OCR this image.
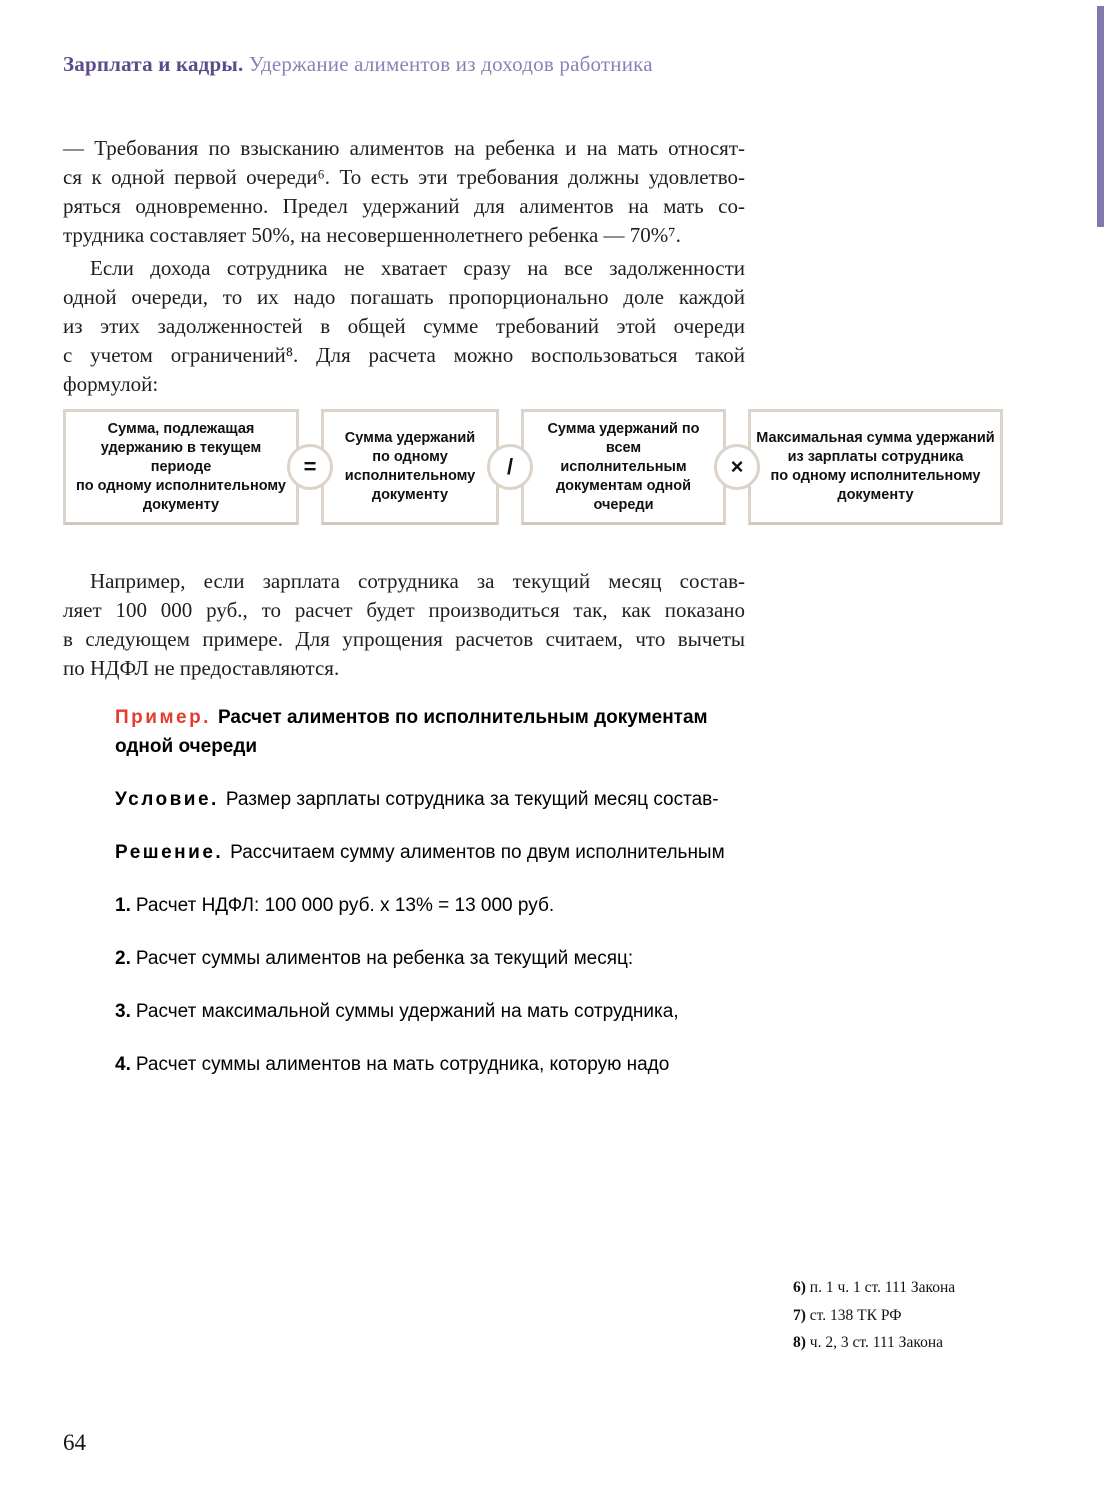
Зарплата и кадры. Удержание алиментов из доходов работника
— Требования по взысканию алиментов на ребенка и на мать относят-
ся к одной первой очереди⁶. То есть эти требования должны удовлетво-
ряться одновременно. Предел удержаний для алиментов на мать со-
трудника составляет 50%, на несовершеннолетнего ребенка — 70%⁷.
Если дохода сотрудника не хватает сразу на все задолженности
одной очереди, то их надо погашать пропорционально доле каждой
из этих задолженностей в общей сумме требований этой очереди
с учетом ограничений⁸. Для расчета можно воспользоваться такой
формулой:
Сумма, подлежащая
удержанию в текущем периоде
по одному исполнительному
документу
=
Сумма удержаний
по одному
исполнительному
документу
/
Сумма удержаний по всем
исполнительным
документам одной
очереди
×
Максимальная сумма удержаний
из зарплаты сотрудника
по одному исполнительному
документу
Например, если зарплата сотрудника за текущий месяц состав-
ляет 100 000 руб., то расчет будет производиться так, как показано
в следующем примере. Для упрощения расчетов считаем, что вычеты
по НДФЛ не предоставляются.
Пример. Расчет алиментов по исполнительным документам
одной очереди
Условие. Размер зарплаты сотрудника за текущий месяц состав-
Решение. Рассчитаем сумму алиментов по двум исполнительным
1. Расчет НДФЛ: 100 000 руб. х 13% = 13 000 руб.
2. Расчет суммы алиментов на ребенка за текущий месяц:
3. Расчет максимальной суммы удержаний на мать сотрудника,
4. Расчет суммы алиментов на мать сотрудника, которую надо
6) п. 1 ч. 1 ст. 111 Закона
7) ст. 138 ТК РФ
8) ч. 2, 3 ст. 111 Закона
64
